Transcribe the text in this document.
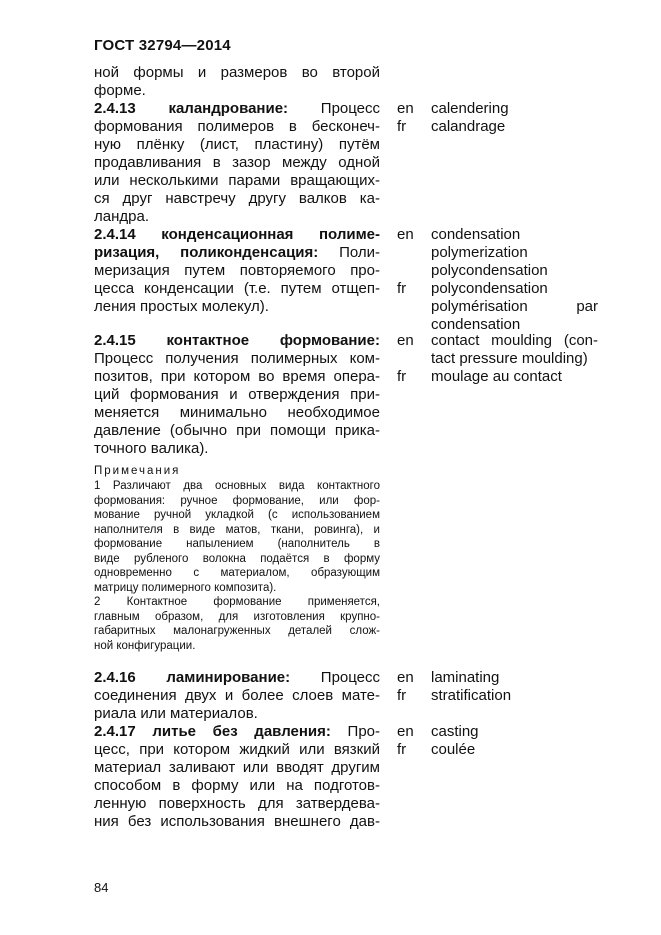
ГОСТ 32794—2014
ной формы и размеров во второй
форме.
2.4.13 каландрование: Процесс
формования полимеров в бесконеч-
ную плёнку (лист, пластину) путём
продавливания в зазор между одной
или несколькими парами вращающих-
ся друг навстречу другу валков ка-
ландра.
en calendering
fr calandrage
2.4.14 конденсационная полиме-
ризация, поликонденсация: Поли-
меризация путем повторяемого про-
цесса конденсации (т.е. путем отщеп-
ления простых молекул).
en condensation
polymerization
polycondensation
fr polycondensation
polymérisation par
condensation
2.4.15 контактное формование:
Процесс получения полимерных ком-
позитов, при котором во время опера-
ций формования и отверждения при-
меняется минимально необходимое
давление (обычно при помощи прика-
точного валика).
en contact moulding (con-
tact pressure moulding)
fr moulage au contact
Примечания
1 Различают два основных вида контактного
формования: ручное формование, или фор-
мование ручной укладкой (с использованием
наполнителя в виде матов, ткани, ровинга), и
формование напылением (наполнитель в
виде рубленого волокна подаётся в форму
одновременно с материалом, образующим
матрицу полимерного композита).
2 Контактное формование применяется,
главным образом, для изготовления крупно-
габаритных малонагруженных деталей слож-
ной конфигурации.
2.4.16 ламинирование: Процесс
соединения двух и более слоев мате-
риала или материалов.
en laminating
fr stratification
2.4.17 литье без давления: Про-
цесс, при котором жидкий или вязкий
материал заливают или вводят другим
способом в форму или на подготов-
ленную поверхность для затвердева-
ния без использования внешнего дав-
en casting
fr coulée
84
